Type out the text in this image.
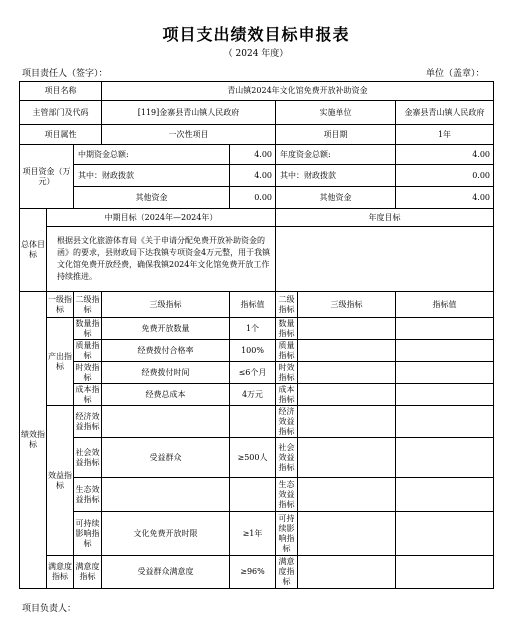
项目支出绩效目标申报表
（ 2024 年度）
项目责任人（签字）：	单位（盖章）：
项目名称			青山镇2024年文化馆免费开放补助资金				
主管部门及代码			[119]金寨县青山镇人民政府		实施单位		金寨县青山镇人民政府
项目属性			一次性项目		项目期		1年
项目资金（万元）		中期资金总额:		4.00	年度资金总额:		4.00
		其中：财政拨款		4.00	其中：财政拨款		0.00
		其他资金		0.00	其他资金		4.00
总体目标	中期目标（2024年—2024年）				年度目标		
	根据县文化旅游体育局《关于申请分配免费开放补助资金的函》的要求，县财政局下达我镇专项资金4万元整，用于我镇文化馆免费开放经费，确保我镇2024年文化馆免费开放工作持续推进。						
绩效指标	一级指标	二级指标	三级指标	指标值	二级指标	三级指标	指标值
	产出指标	数量指标	免费开放数量	1个	数量指标		
		质量指标	经费拨付合格率	100%	质量指标		
		时效指标	经费拨付时间	≤6个月	时效指标		
		成本指标	经费总成本	4万元	成本指标		
	效益指标	经济效益指标			经济效益指标		
		社会效益指标	受益群众	≥500人	社会效益指标		

		生态效益指标			生态效益指标		
		可持续影响指标	文化免费开放时限	≥1年	可持续影响指标		

	满意度指标	满意度指标	受益群众满意度	≥96%	满意度指标		
项目负责人：
